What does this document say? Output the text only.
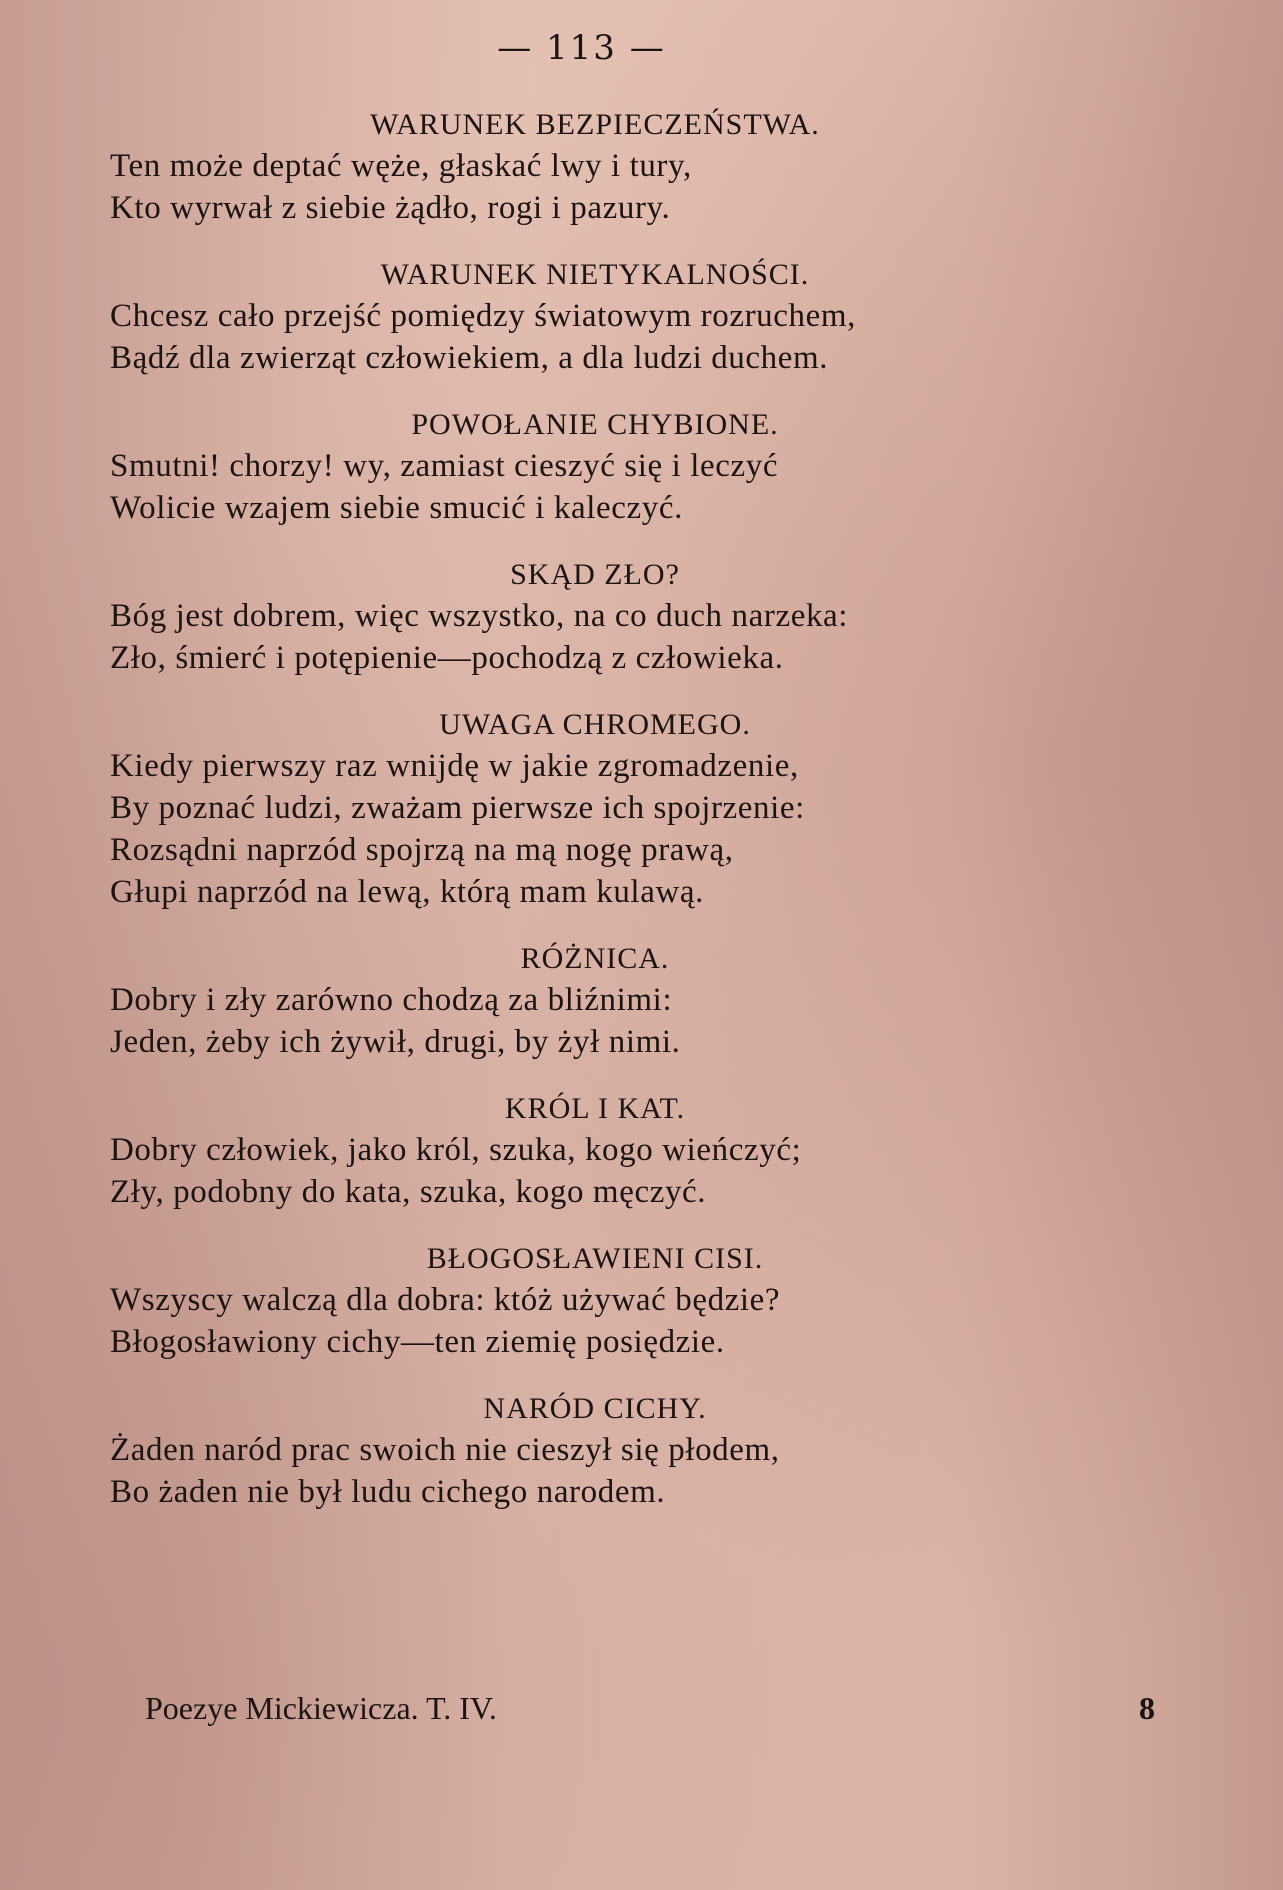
— 113 —
WARUNEK BEZPIECZEŃSTWA.
Ten może deptać węże, głaskać lwy i tury,
Kto wyrwał z siebie żądło, rogi i pazury.
WARUNEK NIETYKALNOŚCI.
Chcesz cało przejść pomiędzy światowym rozruchem,
Bądź dla zwierząt człowiekiem, a dla ludzi duchem.
POWOŁANIE CHYBIONE.
Smutni! chorzy! wy, zamiast cieszyć się i leczyć
Wolicie wzajem siebie smucić i kaleczyć.
SKĄD ZŁO?
Bóg jest dobrem, więc wszystko, na co duch narzeka:
Zło, śmierć i potępienie—pochodzą z człowieka.
UWAGA CHROMEGO.
Kiedy pierwszy raz wnijdę w jakie zgromadzenie,
By poznać ludzi, zważam pierwsze ich spojrzenie:
Rozsądni naprzód spojrzą na mą nogę prawą,
Głupi naprzód na lewą, którą mam kulawą.
RÓŻNICA.
Dobry i zły zarówno chodzą za bliźnimi:
Jeden, żeby ich żywił, drugi, by żył nimi.
KRÓL I KAT.
Dobry człowiek, jako król, szuka, kogo wieńczyć;
Zły, podobny do kata, szuka, kogo męczyć.
BŁOGOSŁAWIENI CISI.
Wszyscy walczą dla dobra: któż używać będzie?
Błogosławiony cichy—ten ziemię posiędzie.
NARÓD CICHY.
Żaden naród prac swoich nie cieszył się płodem,
Bo żaden nie był ludu cichego narodem.
Poezye Mickiewicza. T. IV.	8
